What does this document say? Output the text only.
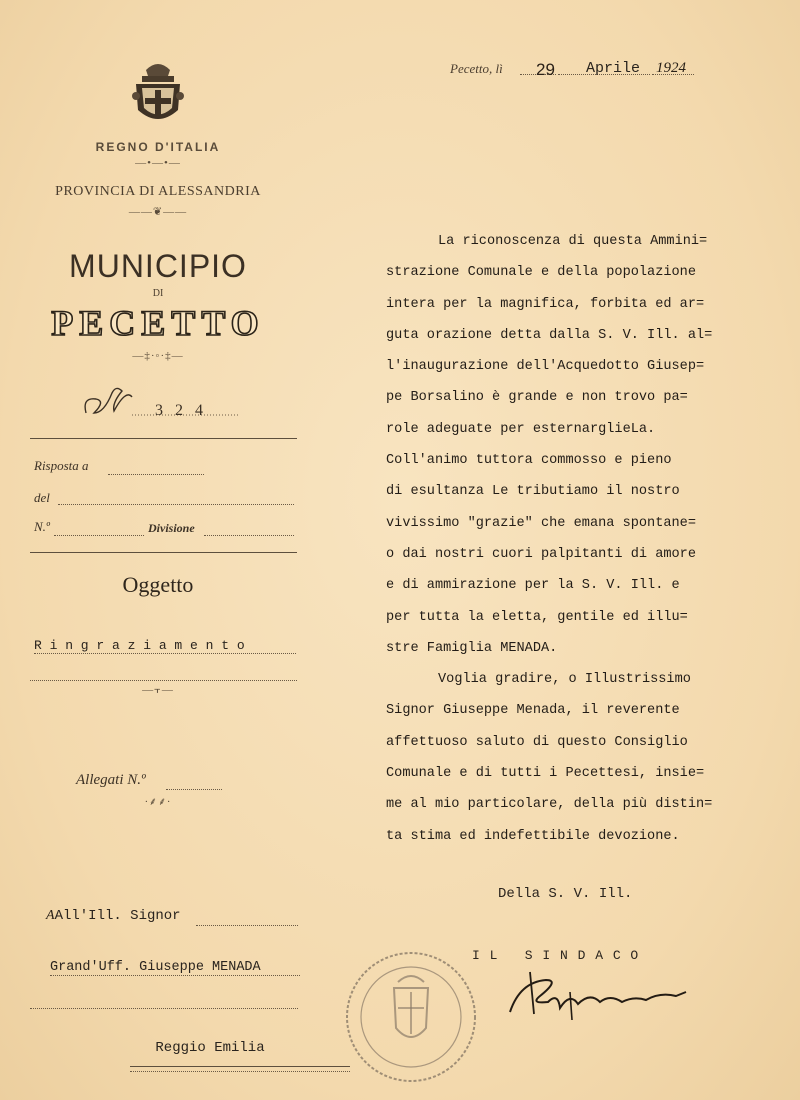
REGNO D'ITALIA
—•—•—
PROVINCIA DI ALESSANDRIA
——❦——
MUNICIPIO
DI
PECETTO
—‡·◦·‡—
3 2 4
Risposta a
del
N.º	Divisione
Oggetto
R i n g r a z i a m e n t o
—⫟—
Allegati N.º
∙⸙⸙∙
Pecetto, lì 29 Aprile 1924

La riconoscenza di questa Ammini=

strazione Comunale e della popolazione

intera per la magnifica, forbita ed ar=

guta orazione detta dalla S. V. Ill. al=

l'inaugurazione dell'Acquedotto Giusep=

pe Borsalino è grande e non trovo pa=

role adeguate per esternarglieLa.

Coll'animo tuttora commosso e pieno

di esultanza Le tributiamo il nostro

vivissimo "grazie" che emana spontane=

o dai nostri cuori palpitanti di amore

e di ammirazione per la S. V. Ill. e

per tutta la eletta, gentile ed illu=

stre Famiglia MENADA.

Voglia gradire, o Illustrissimo

Signor Giuseppe Menada, il reverente

affettuoso saluto di questo Consiglio

Comunale e di tutti i Pecettesi, insie=

me al mio particolare, della più distin=

ta stima ed indefettibile devozione.

Della S. V. Ill.
AAll'Ill. Signor
Grand'Uff. Giuseppe MENADA
Reggio Emilia
I L   S I N D A C O
